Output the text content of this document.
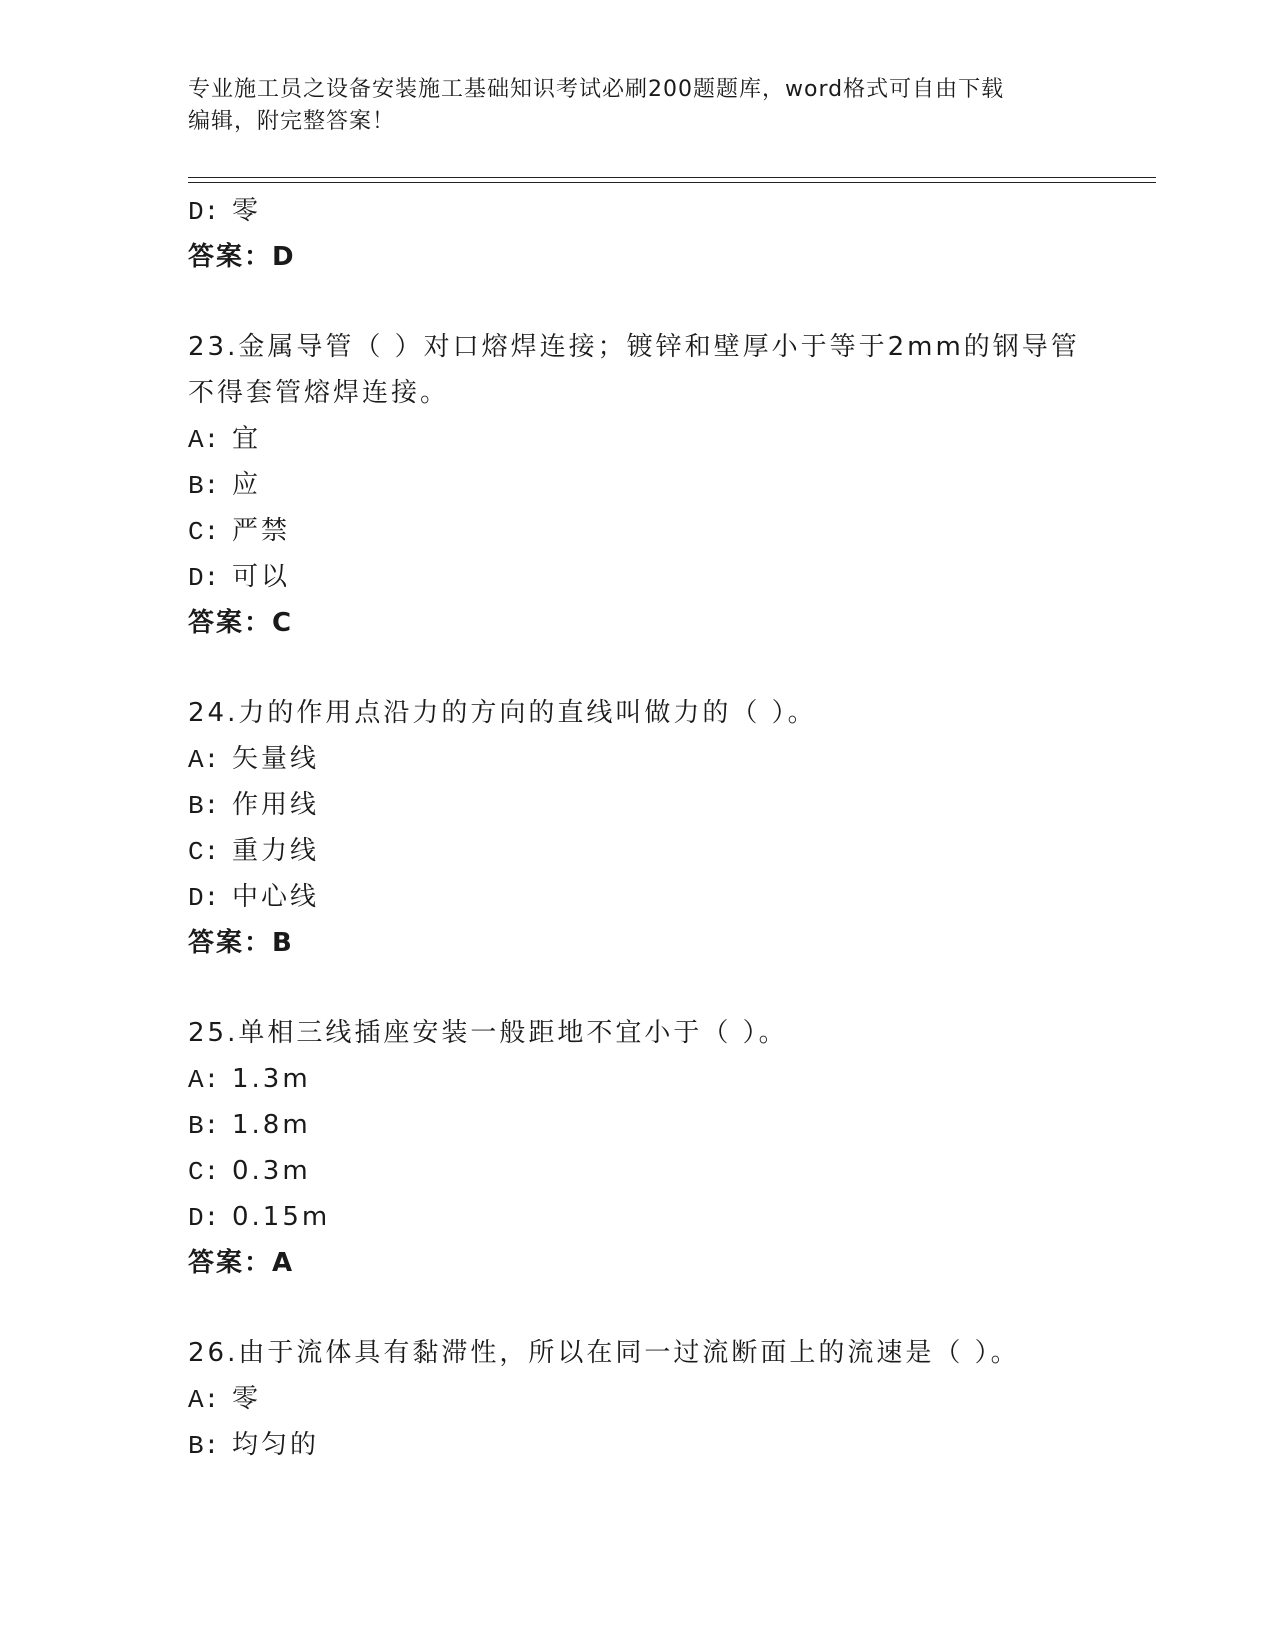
专业施工员之设备安装施工基础知识考试必刷200题题库，word格式可自由下载
编辑，附完整答案！
D: 零
答案：D
23.金属导管（ ）对口熔焊连接；镀锌和壁厚小于等于2mm的钢导管
不得套管熔焊连接。
A: 宜
B: 应
C: 严禁
D: 可以
答案：C
24.力的作用点沿力的方向的直线叫做力的（ ）。
A: 矢量线
B: 作用线
C: 重力线
D: 中心线
答案：B
25.单相三线插座安装一般距地不宜小于（ ）。
A: 1.3m
B: 1.8m
C: 0.3m
D: 0.15m
答案：A
26.由于流体具有黏滞性，所以在同一过流断面上的流速是（ ）。
A: 零
B: 均匀的
